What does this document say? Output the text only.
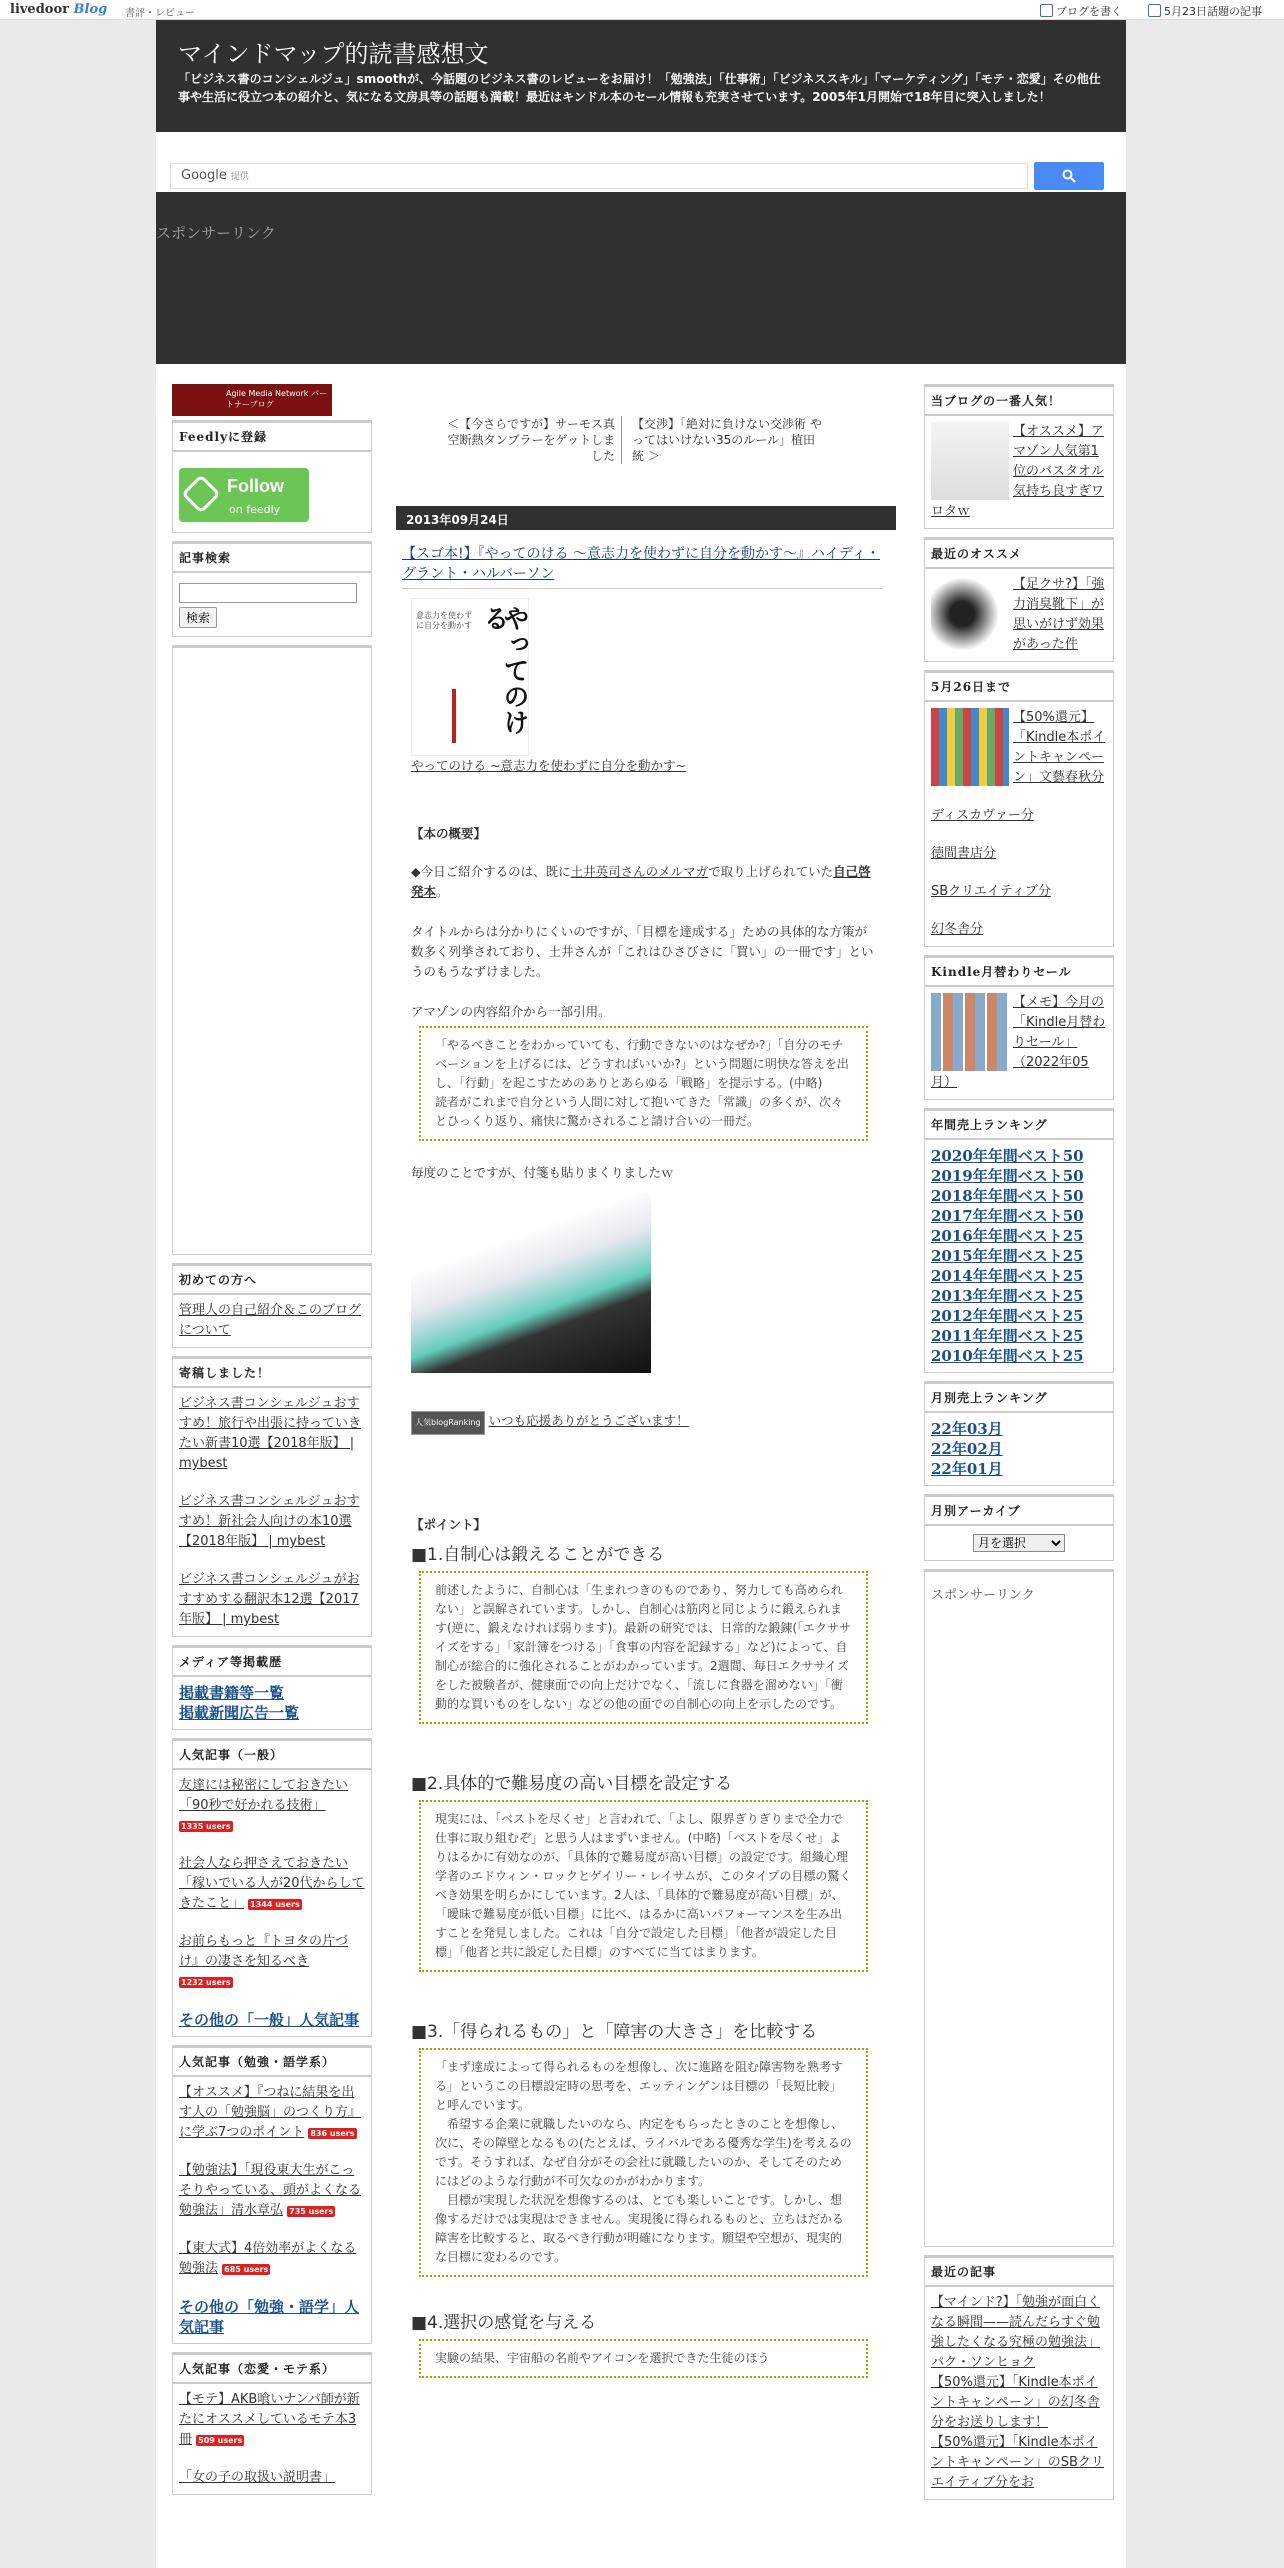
livedoor Blog 書評・レビュー	ブログを書く	5月23日話題の記事
マインドマップ的読書感想文
「ビジネス書のコンシェルジュ」smoothが、今話題のビジネス書のレビューをお届け！「勉強法」「仕事術」「ビジネススキル」「マーケティング」「モテ・恋愛」その他仕事や生活に役立つ本の紹介と、気になる文房具等の話題も満載！最近はキンドル本のセール情報も充実させています。2005年1月開始で18年目に突入しました！
Google 提供
スポンサーリンク
Agile Media Network パートナーブログ
Feedlyに登録
Follow
on feedly
記事検索
検索
初めての方へ
管理人の自己紹介＆このブログについて
寄稿しました！
ビジネス書コンシェルジュおすすめ！旅行や出張に持っていきたい新書10選【2018年版】 | mybest
ビジネス書コンシェルジュおすすめ！新社会人向けの本10選【2018年版】 | mybest
ビジネス書コンシェルジュがおすすめする翻訳本12選【2017年版】 | mybest
メディア等掲載歴
掲載書籍等一覧
掲載新聞広告一覧
人気記事（一般）
友達には秘密にしておきたい「90秒で好かれる技術」 1335 users
社会人なら押さえておきたい「稼いでいる人が20代からしてきたこと」 1344 users
お前らもっと『トヨタの片づけ』の凄さを知るべき 1232 users
その他の「一般」人気記事
人気記事（勉強・語学系）
【オススメ】『つねに結果を出す人の「勉強脳」のつくり方』に学ぶ7つのポイント 836 users
【勉強法】「現役東大生がこっそりやっている、頭がよくなる勉強法」清水章弘 735 users
【東大式】4倍効率がよくなる勉強法 685 users
その他の「勉強・語学」人気記事
人気記事（恋愛・モテ系）
【モテ】AKB喰いナンパ師が新たにオススメしているモテ本3冊 509 users
「女の子の取扱い説明書」
＜【今さらですが】サーモス真空断熱タンブラーをゲットしました
【交渉】「絶対に負けない交渉術 やってはいけない35のルール」植田 統 ＞
2013年09月24日
【スゴ本!】『やってのける ～意志力を使わずに自分を動かす～』ハイディ・グラント・ハルバーソン
やってのける
意志力を使わずに自分を動かす
やってのける ~意志力を使わずに自分を動かす~
【本の概要】

◆今日ご紹介するのは、既に土井英司さんのメルマガで取り上げられていた自己啓発本。

タイトルからは分かりにくいのですが、「目標を達成する」ための具体的な方策が数多く列挙されており、土井さんが「これはひさびさに「買い」の一冊です」というのもうなずけました。

アマゾンの内容紹介から一部引用。

「やるべきことをわかっていても、行動できないのはなぜか?」「自分のモチベーションを上げるには、どうすればいいか?」という問題に明快な答えを出し、「行動」を起こすためのありとあらゆる「戦略」を提示する。(中略)
読者がこれまで自分という人間に対して抱いてきた「常識」の多くが、次々とひっくり返り、痛快に驚かされること請け合いの一冊だ。

毎度のことですが、付箋も貼りまくりましたｗ

人気blogRanking いつも応援ありがとうございます！
【ポイント】
■1.自制心は鍛えることができる
前述したように、自制心は「生まれつきのものであり、努力しても高められない」と誤解されています。しかし、自制心は筋肉と同じように鍛えられます(逆に、鍛えなければ弱ります)。最新の研究では、日常的な鍛錬(「エクササイズをする」「家計簿をつける」「食事の内容を記録する」など)によって、自制心が総合的に強化されることがわかっています。2週間、毎日エクササイズをした被験者が、健康面での向上だけでなく、「流しに食器を溜めない」「衝動的な買いものをしない」などの他の面での自制心の向上を示したのです。
■2.具体的で難易度の高い目標を設定する
現実には、「ベストを尽くせ」と言われて、「よし、限界ぎりぎりまで全力で仕事に取り組むぞ」と思う人はまずいません。(中略)「ベストを尽くせ」よりはるかに有効なのが、「具体的で難易度が高い目標」の設定です。組織心理学者のエドウィン・ロックとゲイリー・レイサムが、このタイプの目標の驚くべき効果を明らかにしています。2人は、「具体的で難易度が高い目標」が、「曖昧で難易度が低い目標」に比べ、はるかに高いパフォーマンスを生み出すことを発見しました。これは「自分で設定した目標」「他者が設定した目標」「他者と共に設定した目標」のすべてに当てはまります。
■3.「得られるもの」と「障害の大きさ」を比較する
「まず達成によって得られるものを想像し、次に進路を阻む障害物を熟考する」というこの目標設定時の思考を、エッティンゲンは目標の「長短比較」と呼んでいます。
　希望する企業に就職したいのなら、内定をもらったときのことを想像し、次に、その障壁となるもの(たとえば、ライバルである優秀な学生)を考えるのです。そうすれば、なぜ自分がその会社に就職したいのか、そしてそのためにはどのような行動が不可欠なのかがわかります。
　目標が実現した状況を想像するのは、とても楽しいことです。しかし、想像するだけでは実現はできません。実現後に得られるものと、立ちはだかる障害を比較すると、取るべき行動が明確になります。願望や空想が、現実的な目標に変わるのです。
■4.選択の感覚を与える
実験の結果、宇宙船の名前やアイコンを選択できた生徒のほう
当ブログの一番人気！
【オススメ】アマゾン人気第1位のバスタオル気持ち良すぎワロタｗ
最近のオススメ
【足クサ?】「強力消臭靴下」が思いがけず効果があった件
5月26日まで
【50%還元】「Kindle本ポイントキャンペーン」文藝春秋分
ディスカヴァー分
徳間書店分
SBクリエイティブ分
幻冬舎分
Kindle月替わりセール
【メモ】今月の「Kindle月替わりセール」（2022年05月）
年間売上ランキング
2020年年間ベスト50
2019年年間ベスト50
2018年年間ベスト50
2017年年間ベスト50
2016年年間ベスト25
2015年年間ベスト25
2014年年間ベスト25
2013年年間ベスト25
2012年年間ベスト25
2011年年間ベスト25
2010年年間ベスト25
月別売上ランキング
22年03月
22年02月
22年01月
月別アーカイブ
月を選択
スポンサーリンク
最近の記事
【マインド?】「勉強が面白くなる瞬間——読んだらすぐ勉強したくなる究極の勉強法」パク・ソンヒョク
【50%還元】「Kindle本ポイントキャンペーン」の幻冬舎分をお送りします！
【50%還元】「Kindle本ポイントキャンペーン」のSBクリエイティブ分をお
